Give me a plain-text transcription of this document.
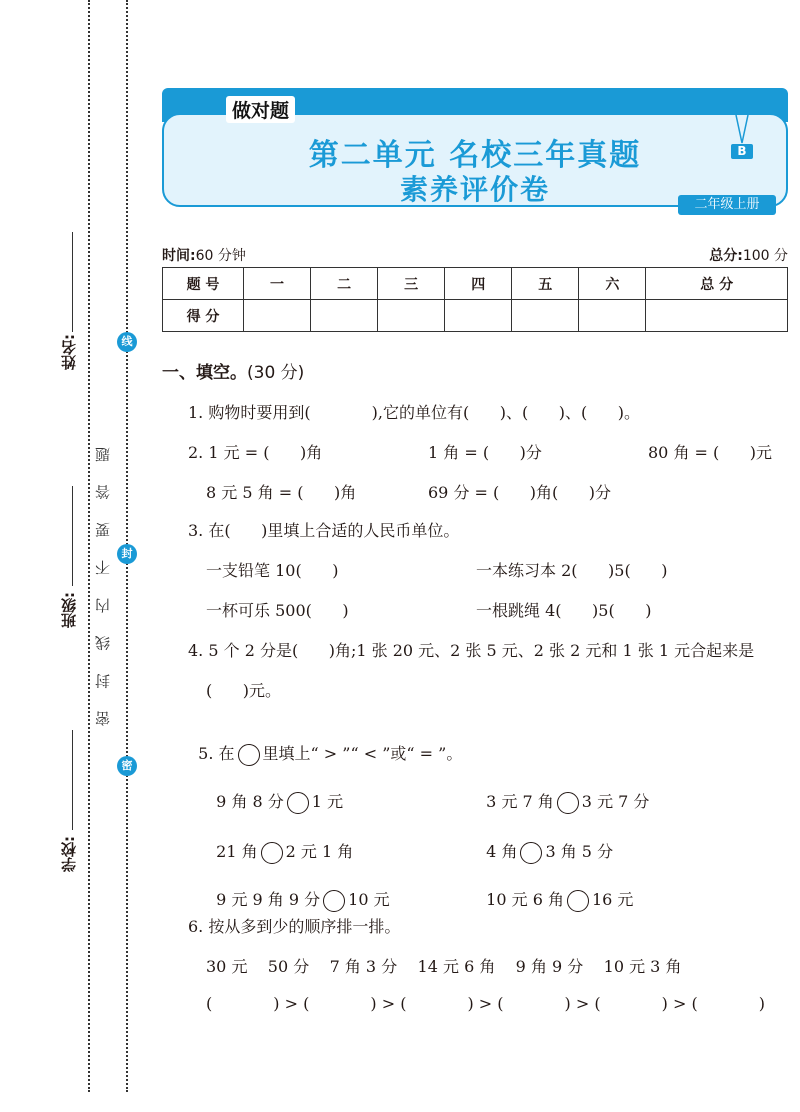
姓名:
班级:
学校:
线
封
密
密 封 线 内 不 要 答 题
做对题
第二单元 名校三年真题
素养评价卷
B
二年级上册
时间:60 分钟	总分:100 分
题 号	一	二	三	四	五	六	总 分
得 分							
一、填空。(30 分)
1. 购物时要用到(            ),它的单位有(      )、(      )、(      )。
2. 1 元 = (      )角	1 角 = (      )分	80 角 = (      )元
8 元 5 角 = (      )角	69 分 = (      )角(      )分
3. 在(      )里填上合适的人民币单位。
一支铅笔 10(      )	一本练习本 2(      )5(      )
一杯可乐 500(      )	一根跳绳 4(      )5(      )
4. 5 个 2 分是(      )角;1 张 20 元、2 张 5 元、2 张 2 元和 1 张 1 元合起来是
(      )元。

5. 在 里填上“ > ”“ < ”或“ = ”。

9 角 8 分 1 元	3 元 7 角 3 元 7 分

21 角 2 元 1 角	4 角 3 角 5 分

9 元 9 角 9 分 10 元	10 元 6 角 16 元

6. 按从多到少的顺序排一排。
30 元    50 分    7 角 3 分    14 元 6 角    9 角 9 分    10 元 3 角
(            ) > (            ) > (            ) > (            ) > (            ) > (            )
